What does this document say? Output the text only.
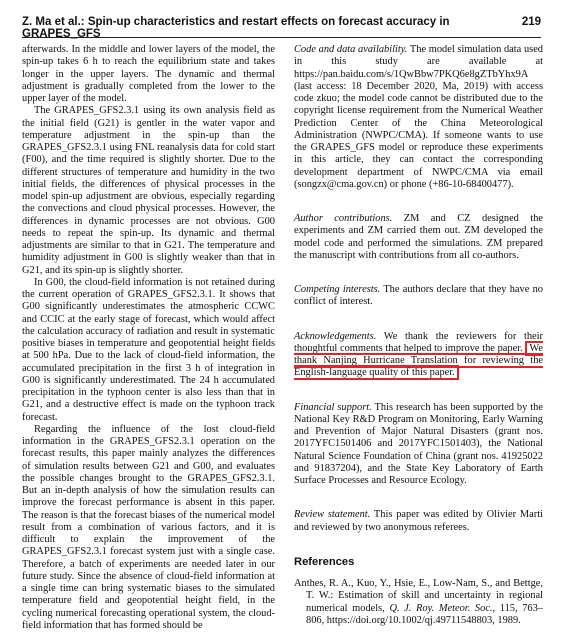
Z. Ma et al.: Spin-up characteristics and restart effects on forecast accuracy in GRAPES_GFS
219

afterwards. In the middle and lower layers of the model, the spin-up takes 6 h to reach the equilibrium state and takes longer in the upper layers. The dynamic and thermal adjustment is gradually completed from the lower to the upper layer of the model.

The GRAPES_GFS2.3.1 using its own analysis field as the initial field (G21) is gentler in the water vapor and temperature adjustment in the spin-up than the GRAPES_GFS2.3.1 using FNL reanalysis data for cold start (F00), and the time required is slightly shorter. Due to the different structures of temperature and humidity in the two initial fields, the differences of physical processes in the model spin-up adjustment are obvious, especially regarding the convections and cloud physical processes. However, the differences in dynamic processes are not obvious. G00 needs to repeat the spin-up. Its dynamic and thermal adjustments are similar to that in G21. The temperature and humidity adjustment in G00 is slightly weaker than that in G21, and its spin-up is slightly shorter.

In G00, the cloud-field information is not retained during the current operation of GRAPES_GFS2.3.1. It shows that G00 significantly underestimates the atmospheric CCWC and CCIC at the early stage of forecast, which would affect the calculation accuracy of radiation and result in systematic positive biases in temperature and geopotential height fields at 500 hPa. Due to the lack of cloud-field information, the accumulated precipitation in the first 3 h of integration in G00 is significantly underestimated. The 24 h accumulated precipitation in the typhoon center is also less than that in G21, and a destructive effect is made on the typhoon track forecast.

Regarding the influence of the lost cloud-field information in the GRAPES_GFS2.3.1 operation on the forecast results, this paper mainly analyzes the differences of simulation results between G21 and G00, and evaluates the possible changes brought to the GRAPES_GFS2.3.1. But an in-depth analysis of how the simulation results can improve the forecast performance is absent in this paper. The reason is that the forecast biases of the numerical model result from a combination of various factors, and it is difficult to explain the improvement of the GRAPES_GFS2.3.1 forecast system just with a single case. Therefore, a batch of experiments are needed later in our future study. Since the absence of cloud-field information at a single time can bring systematic biases to the simulated temperature field and geopotential height field, in the cycling numerical forecasting operational system, the cloud-field information that has formed should be

Code and data availability. The model simulation data used in this study are available at https://pan.baidu.com/s/1QwBbw7PKQ6e8gZTbYhx9A (last access: 18 December 2020, Ma, 2019) with access code zkuo; the model code cannot be distributed due to the copyright license requirement from the Numerical Weather Prediction Center of the China Meteorological Administration (NWPC/CMA). If someone wants to use the GRAPES_GFS model or reproduce these experiments in this article, they can contact the corresponding development department of NWPC/CMA via email (songzx@cma.gov.cn) or phone (+86-10-68400477).

Author contributions. ZM and CZ designed the experiments and ZM carried them out. ZM developed the model code and performed the simulations. ZM prepared the manuscript with contributions from all co-authors.

Competing interests. The authors declare that they have no conflict of interest.

Acknowledgements. We thank the reviewers for their thoughtful comments that helped to improve the paper. We thank Nanjing Hurricane Translation for reviewing the English-language quality of this paper.

Financial support. This research has been supported by the National Key R&D Program on Monitoring, Early Warning and Prevention of Major Natural Disasters (grant nos. 2017YFC1501406 and 2017YFC1501403), the National Natural Science Foundation of China (grant nos. 41925022 and 91837204), and the State Key Laboratory of Earth Surface Processes and Resource Ecology.

Review statement. This paper was edited by Olivier Marti and reviewed by two anonymous referees.

References
Anthes, R. A., Kuo, Y., Hsie, E., Low-Nam, S., and Bettge, T. W.: Estimation of skill and uncertainty in regional numerical models, Q. J. Roy. Meteor. Soc., 115, 763–806, https://doi.org/10.1002/qj.49711548803, 1989.
